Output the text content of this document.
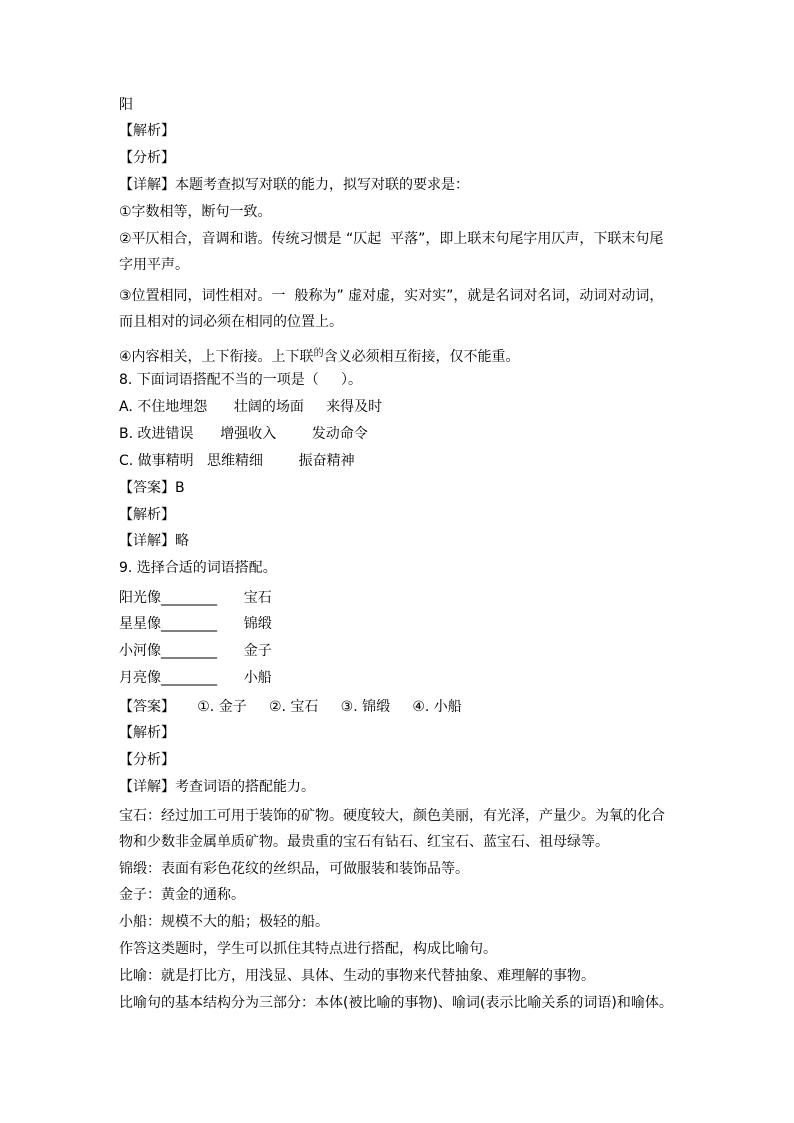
阳
【解析】
【分析】
【详解】本题考查拟写对联的能力，拟写对联的要求是：
①字数相等，断句一致。
②平仄相合，音调和谐。传统习惯是 “仄起  平落”，即上联末句尾字用仄声，下联末句尾
字用平声。
③位置相同，词性相对。一  般称为” 虚对虚，实对实”，就是名词对名词，动词对动词，
而且相对的词必须在相同的位置上。
8. 下面词语搭配不当的一项是（     ）。
A. 不住地埋怨      壮阔的场面     来得及时
B. 改进错误      增强收入        发动命令
C. 做事精明   思维精细        振奋精神
【答案】B
【解析】
【详解】略
9. 选择合适的词语搭配。
阳光像________      宝石
星星像________      锦缎
小河像________      金子
月亮像________      小船
【答案】     ①. 金子     ②. 宝石     ③. 锦缎     ④. 小船
【解析】
【分析】
【详解】考查词语的搭配能力。
宝石：经过加工可用于装饰的矿物。硬度较大，颜色美丽，有光泽，产量少。为氧的化合
物和少数非金属单质矿物。最贵重的宝石有钻石、红宝石、蓝宝石、祖母绿等。
锦缎：表面有彩色花纹的丝织品，可做服装和装饰品等。
金子：黄金的通称。
小船：规模不大的船；极轻的船。
作答这类题时，学生可以抓住其特点进行搭配，构成比喻句。
比喻：就是打比方，用浅显、具体、生动的事物来代替抽象、难理解的事物。
比喻句的基本结构分为三部分：本体(被比喻的事物)、喻词(表示比喻关系的词语)和喻体。
④内容相关，上下衔接。上下联$^的$含义必须相互衔接，仅不能重。
